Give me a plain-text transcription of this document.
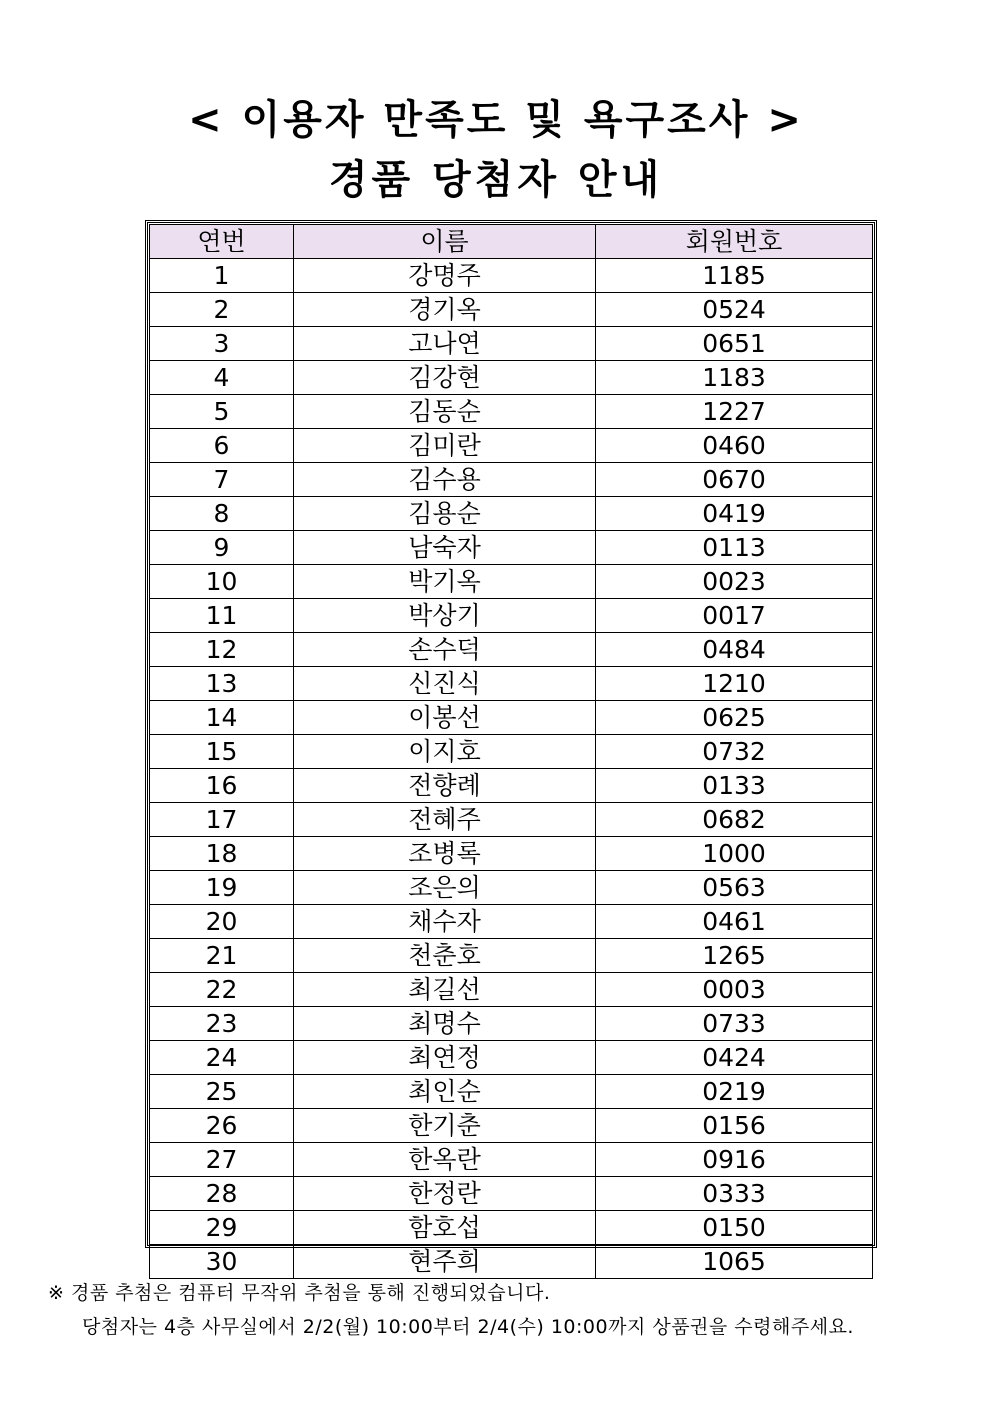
< 이용자 만족도 및 욕구조사 >
경품 당첨자 안내
연번	이름	회원번호
1	강명주	1185
2	경기옥	0524
3	고나연	0651
4	김강현	1183
5	김동순	1227
6	김미란	0460
7	김수용	0670
8	김용순	0419
9	남숙자	0113
10	박기옥	0023
11	박상기	0017
12	손수덕	0484
13	신진식	1210
14	이봉선	0625
15	이지호	0732
16	전향례	0133
17	전혜주	0682
18	조병록	1000
19	조은의	0563
20	채수자	0461
21	천춘호	1265
22	최길선	0003
23	최명수	0733
24	최연정	0424
25	최인순	0219
26	한기춘	0156
27	한옥란	0916
28	한정란	0333
29	함호섭	0150
30	현주희	1065
※ 경품 추첨은 컴퓨터 무작위 추첨을 통해 진행되었습니다.
당첨자는 4층 사무실에서 2/2(월) 10:00부터 2/4(수) 10:00까지 상품권을 수령해주세요.
